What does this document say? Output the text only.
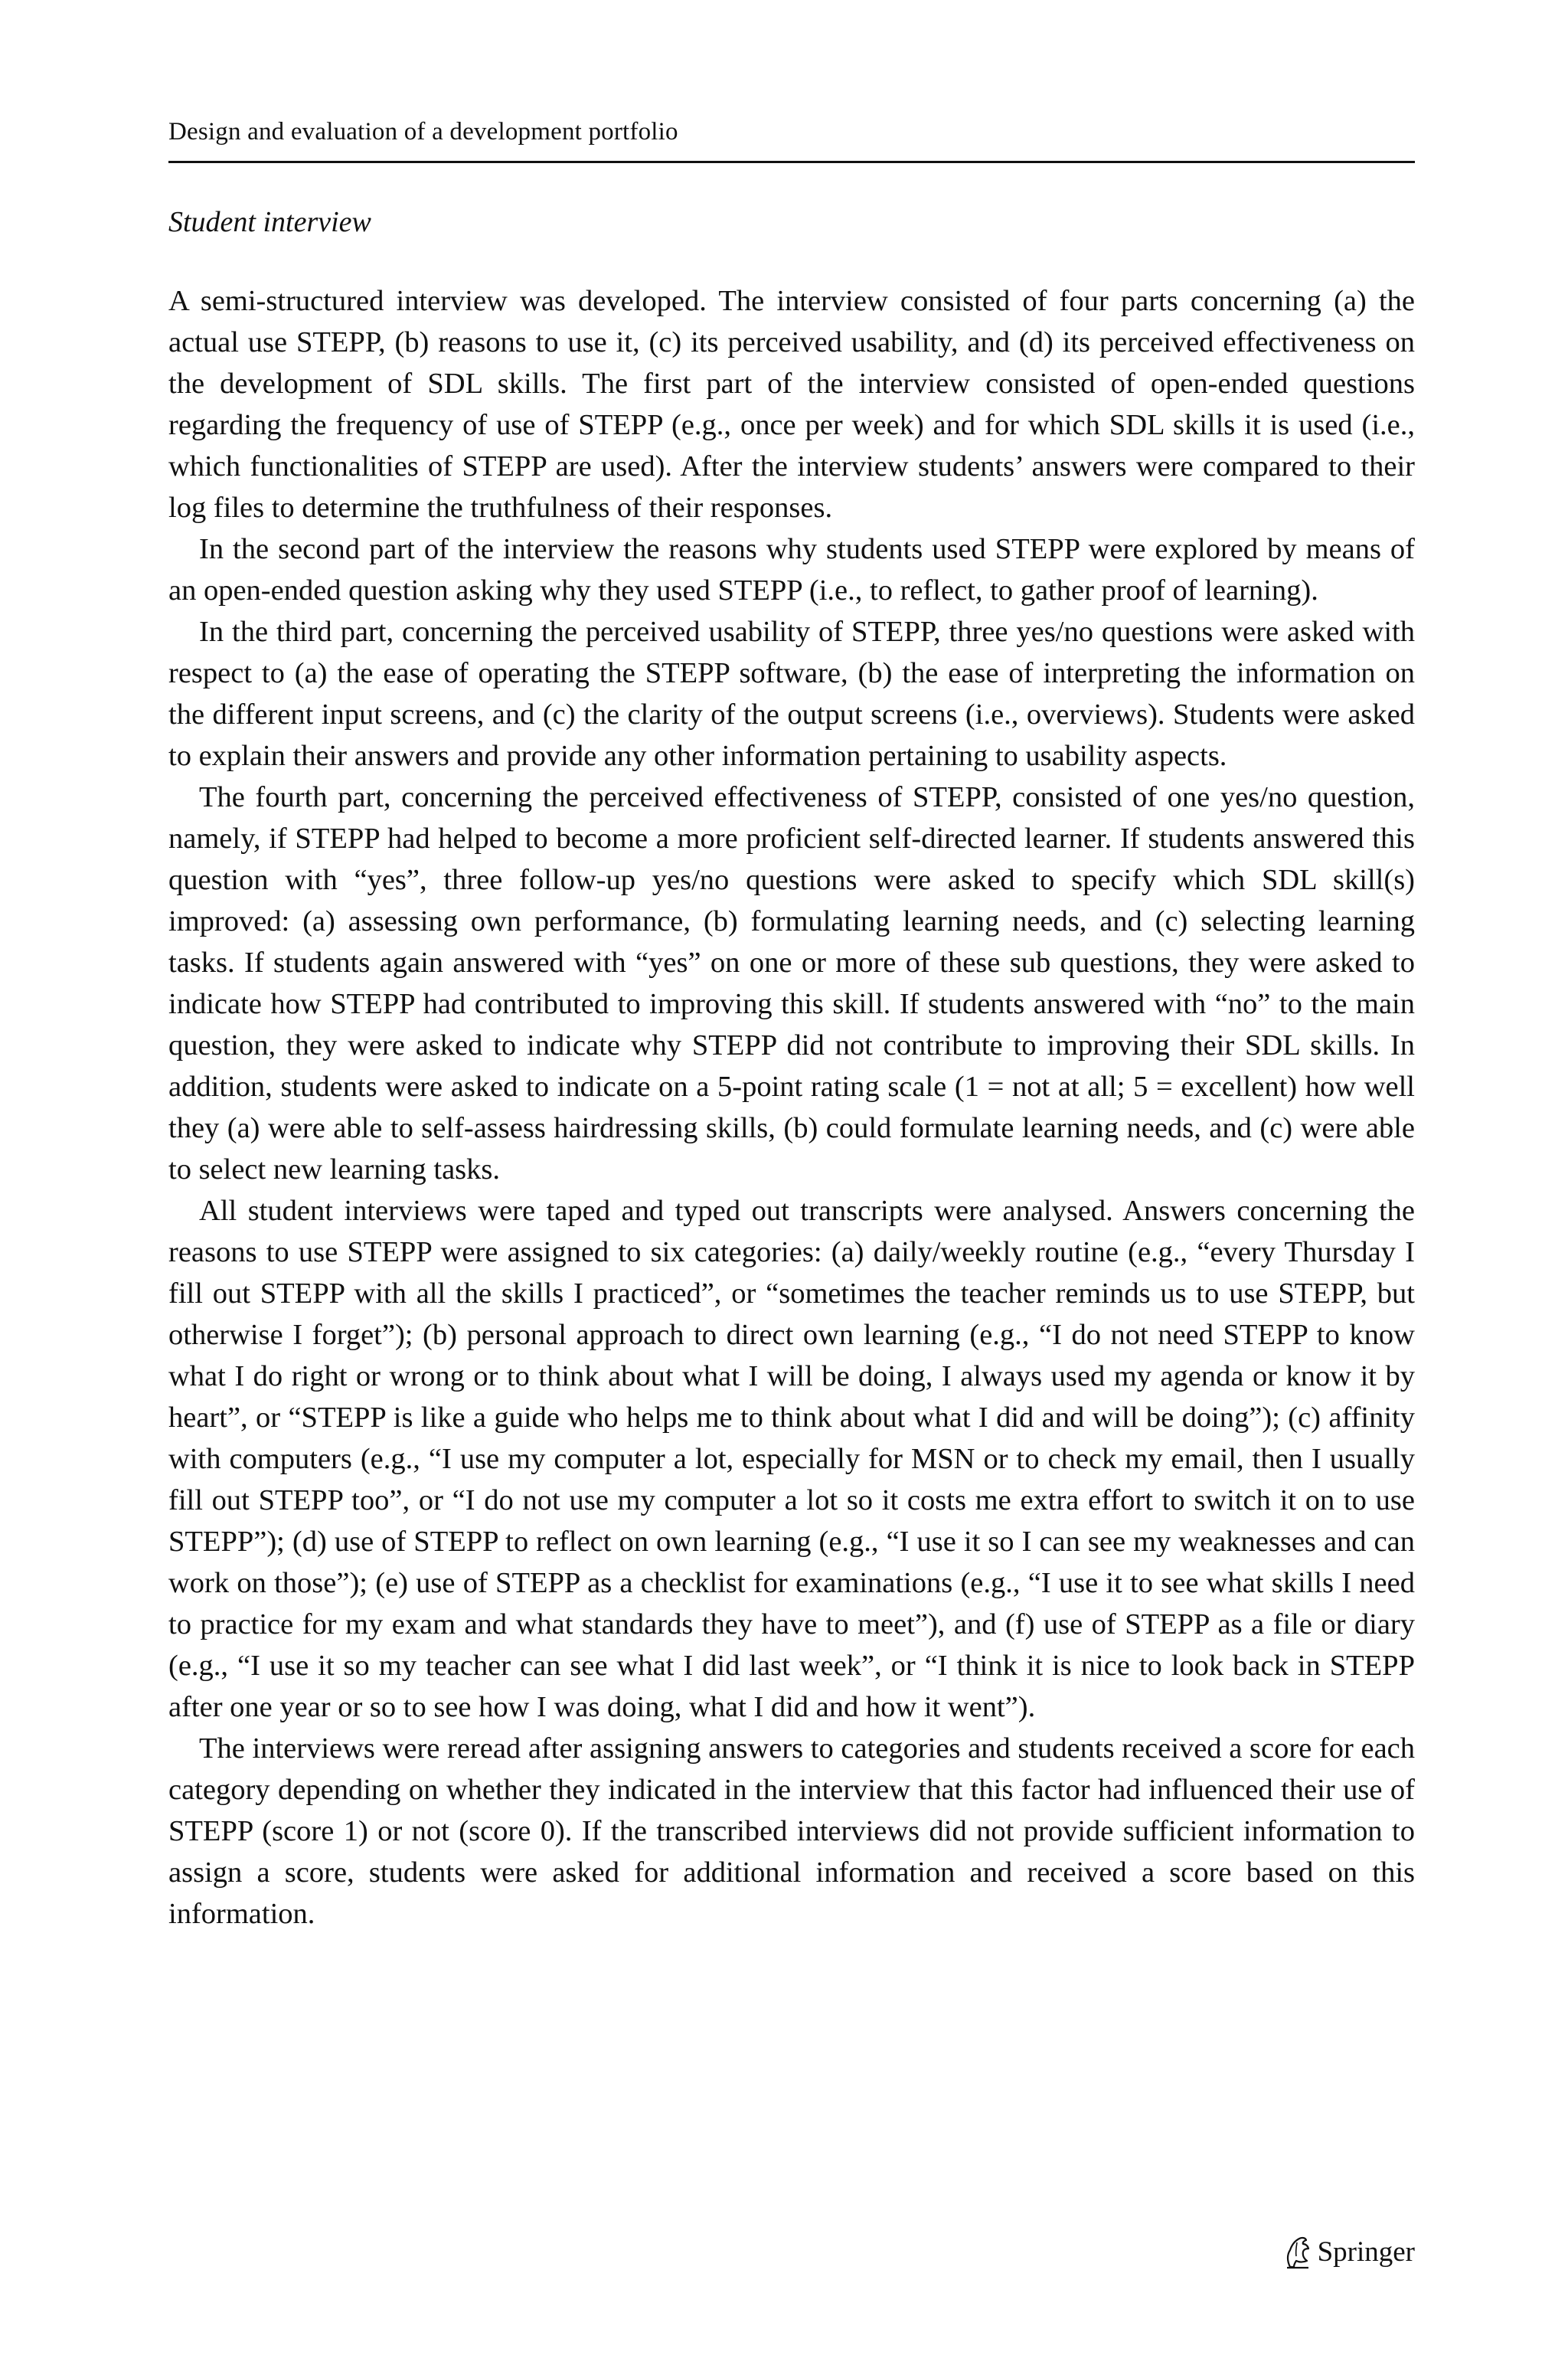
Design and evaluation of a development portfolio
Student interview

A semi-structured interview was developed. The interview consisted of four parts concerning (a) the actual use STEPP, (b) reasons to use it, (c) its perceived usability, and (d) its perceived effectiveness on the development of SDL skills. The first part of the interview consisted of open-ended questions regarding the frequency of use of STEPP (e.g., once per week) and for which SDL skills it is used (i.e., which functionalities of STEPP are used). After the interview students’ answers were compared to their log files to determine the truthfulness of their responses.

In the second part of the interview the reasons why students used STEPP were explored by means of an open-ended question asking why they used STEPP (i.e., to reflect, to gather proof of learning).

In the third part, concerning the perceived usability of STEPP, three yes/no questions were asked with respect to (a) the ease of operating the STEPP software, (b) the ease of interpreting the information on the different input screens, and (c) the clarity of the output screens (i.e., overviews). Students were asked to explain their answers and provide any other information pertaining to usability aspects.

The fourth part, concerning the perceived effectiveness of STEPP, consisted of one yes/no question, namely, if STEPP had helped to become a more proficient self-directed learner. If students answered this question with “yes”, three follow-up yes/no questions were asked to specify which SDL skill(s) improved: (a) assessing own performance, (b) formulating learning needs, and (c) selecting learning tasks. If students again answered with “yes” on one or more of these sub questions, they were asked to indicate how STEPP had contributed to improving this skill. If students answered with “no” to the main question, they were asked to indicate why STEPP did not contribute to improving their SDL skills. In addition, students were asked to indicate on a 5-point rating scale (1 = not at all; 5 = excellent) how well they (a) were able to self-assess hairdressing skills, (b) could formulate learning needs, and (c) were able to select new learning tasks.

All student interviews were taped and typed out transcripts were analysed. Answers concerning the reasons to use STEPP were assigned to six categories: (a) daily/weekly routine (e.g., “every Thursday I fill out STEPP with all the skills I practiced”, or “sometimes the teacher reminds us to use STEPP, but otherwise I forget”); (b) personal approach to direct own learning (e.g., “I do not need STEPP to know what I do right or wrong or to think about what I will be doing, I always used my agenda or know it by heart”, or “STEPP is like a guide who helps me to think about what I did and will be doing”); (c) affinity with computers (e.g., “I use my computer a lot, especially for MSN or to check my email, then I usually fill out STEPP too”, or “I do not use my computer a lot so it costs me extra effort to switch it on to use STEPP”); (d) use of STEPP to reflect on own learning (e.g., “I use it so I can see my weaknesses and can work on those”); (e) use of STEPP as a checklist for examinations (e.g., “I use it to see what skills I need to practice for my exam and what standards they have to meet”), and (f) use of STEPP as a file or diary (e.g., “I use it so my teacher can see what I did last week”, or “I think it is nice to look back in STEPP after one year or so to see how I was doing, what I did and how it went”).

The interviews were reread after assigning answers to categories and students received a score for each category depending on whether they indicated in the interview that this factor had influenced their use of STEPP (score 1) or not (score 0). If the transcribed interviews did not provide sufficient information to assign a score, students were asked for additional information and received a score based on this information.

Springer
